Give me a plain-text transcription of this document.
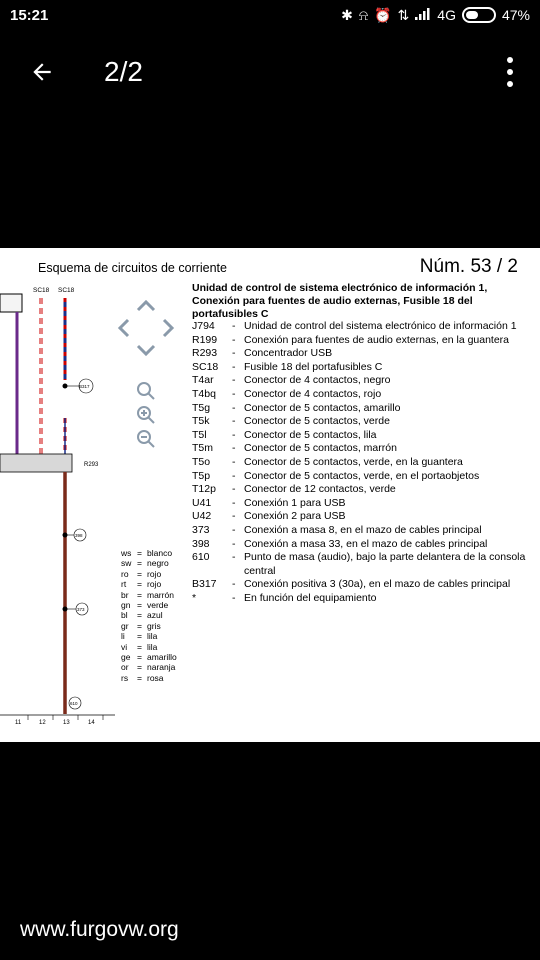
15:21	✱ ⍾ ⏰ ⇅ 4G	47%
2/2
Esquema de circuitos de corriente	Núm. 53 / 2
Unidad de control de sistema electrónico de información 1, Conexión para fuentes de audio externas, Fusible 18 del portafusibles C
SC18 SC18
R293
398
373
610
B317
11	12	13	14
J794	- Unidad de control del sistema electrónico de información 1
R199	- Conexión para fuentes de audio externas, en la guantera
R293	- Concentrador USB
SC18	- Fusible 18 del portafusibles C
T4ar	- Conector de 4 contactos, negro
T4bq	- Conector de 4 contactos, rojo
T5g	- Conector de 5 contactos, amarillo
T5k	- Conector de 5 contactos, verde
T5l	- Conector de 5 contactos, lila
T5m	- Conector de 5 contactos, marrón
T5o	- Conector de 5 contactos, verde, en la guantera
T5p	- Conector de 5 contactos, verde, en el portaobjetos
T12p	- Conector de 12 contactos, verde
U41	- Conexión 1 para USB
U42	- Conexión 2 para USB
373	- Conexión a masa 8, en el mazo de cables principal
398	- Conexión a masa 33, en el mazo de cables principal
610	- Punto de masa (audio), bajo la parte delantera de la consola central
B317	- Conexión positiva 3 (30a), en el mazo de cables principal
*	- En función del equipamiento
ws = blanco
sw = negro
ro = rojo
rt	= rojo
br = marrón
gn = verde
bl	= azul
gr = gris
li	= lila
vi	= lila
ge = amarillo
or = naranja
rs	= rosa
www.furgovw.org
